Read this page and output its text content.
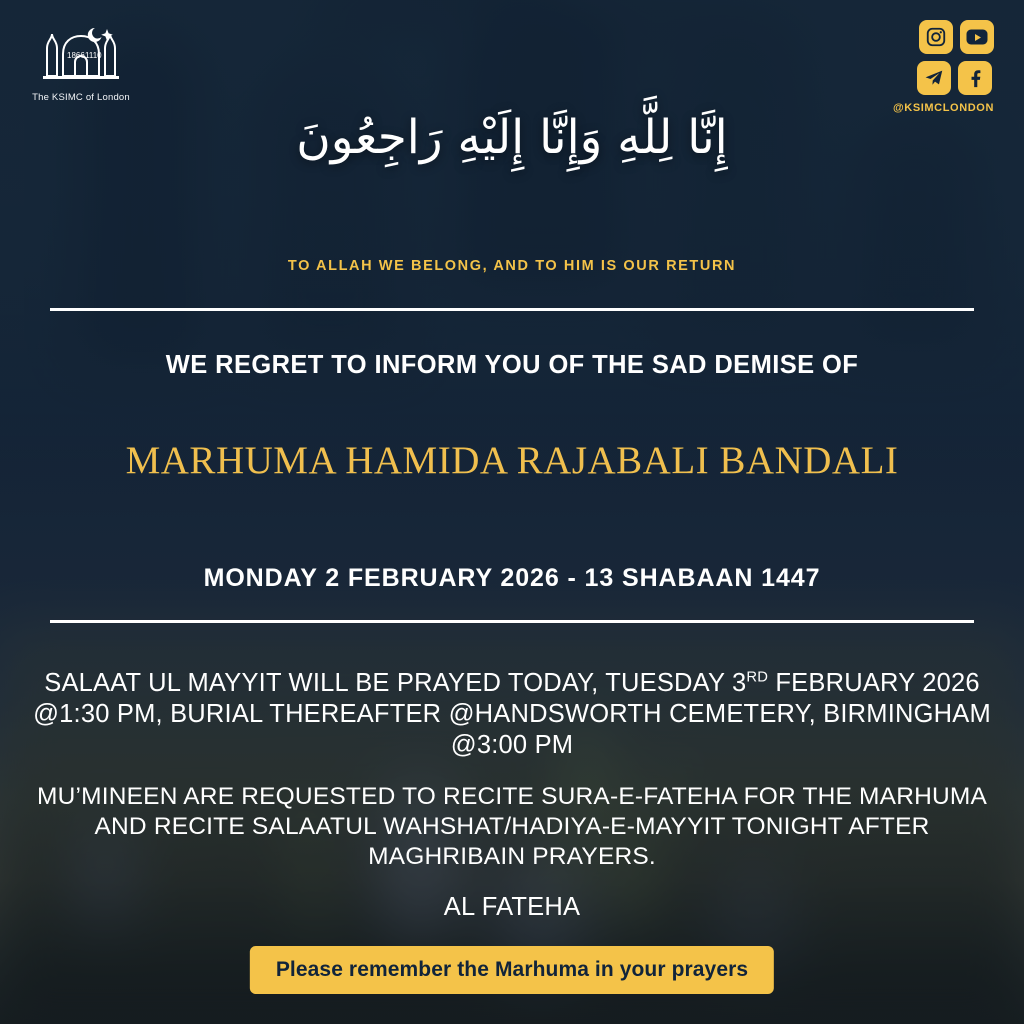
1866 1110
The KSIMC of London
@KSIMCLONDON
إِنَّا لِلَّهِ وَإِنَّا إِلَيْهِ رَاجِعُونَ
TO ALLAH WE BELONG, AND TO HIM IS OUR RETURN
WE REGRET TO INFORM YOU OF THE SAD DEMISE OF
MARHUMA HAMIDA RAJABALI BANDALI
MONDAY 2 FEBRUARY 2026 - 13 SHABAAN 1447
SALAAT UL MAYYIT WILL BE PRAYED TODAY, TUESDAY 3RD FEBRUARY 2026 @1:30 PM, BURIAL THEREAFTER @HANDSWORTH CEMETERY, BIRMINGHAM @3:00 PM
MU’MINEEN ARE REQUESTED TO RECITE SURA-E-FATEHA FOR THE MARHUMA AND RECITE SALAATUL WAHSHAT/HADIYA-E-MAYYIT TONIGHT AFTER MAGHRIBAIN PRAYERS.
AL FATEHA
Please remember the Marhuma in your prayers
